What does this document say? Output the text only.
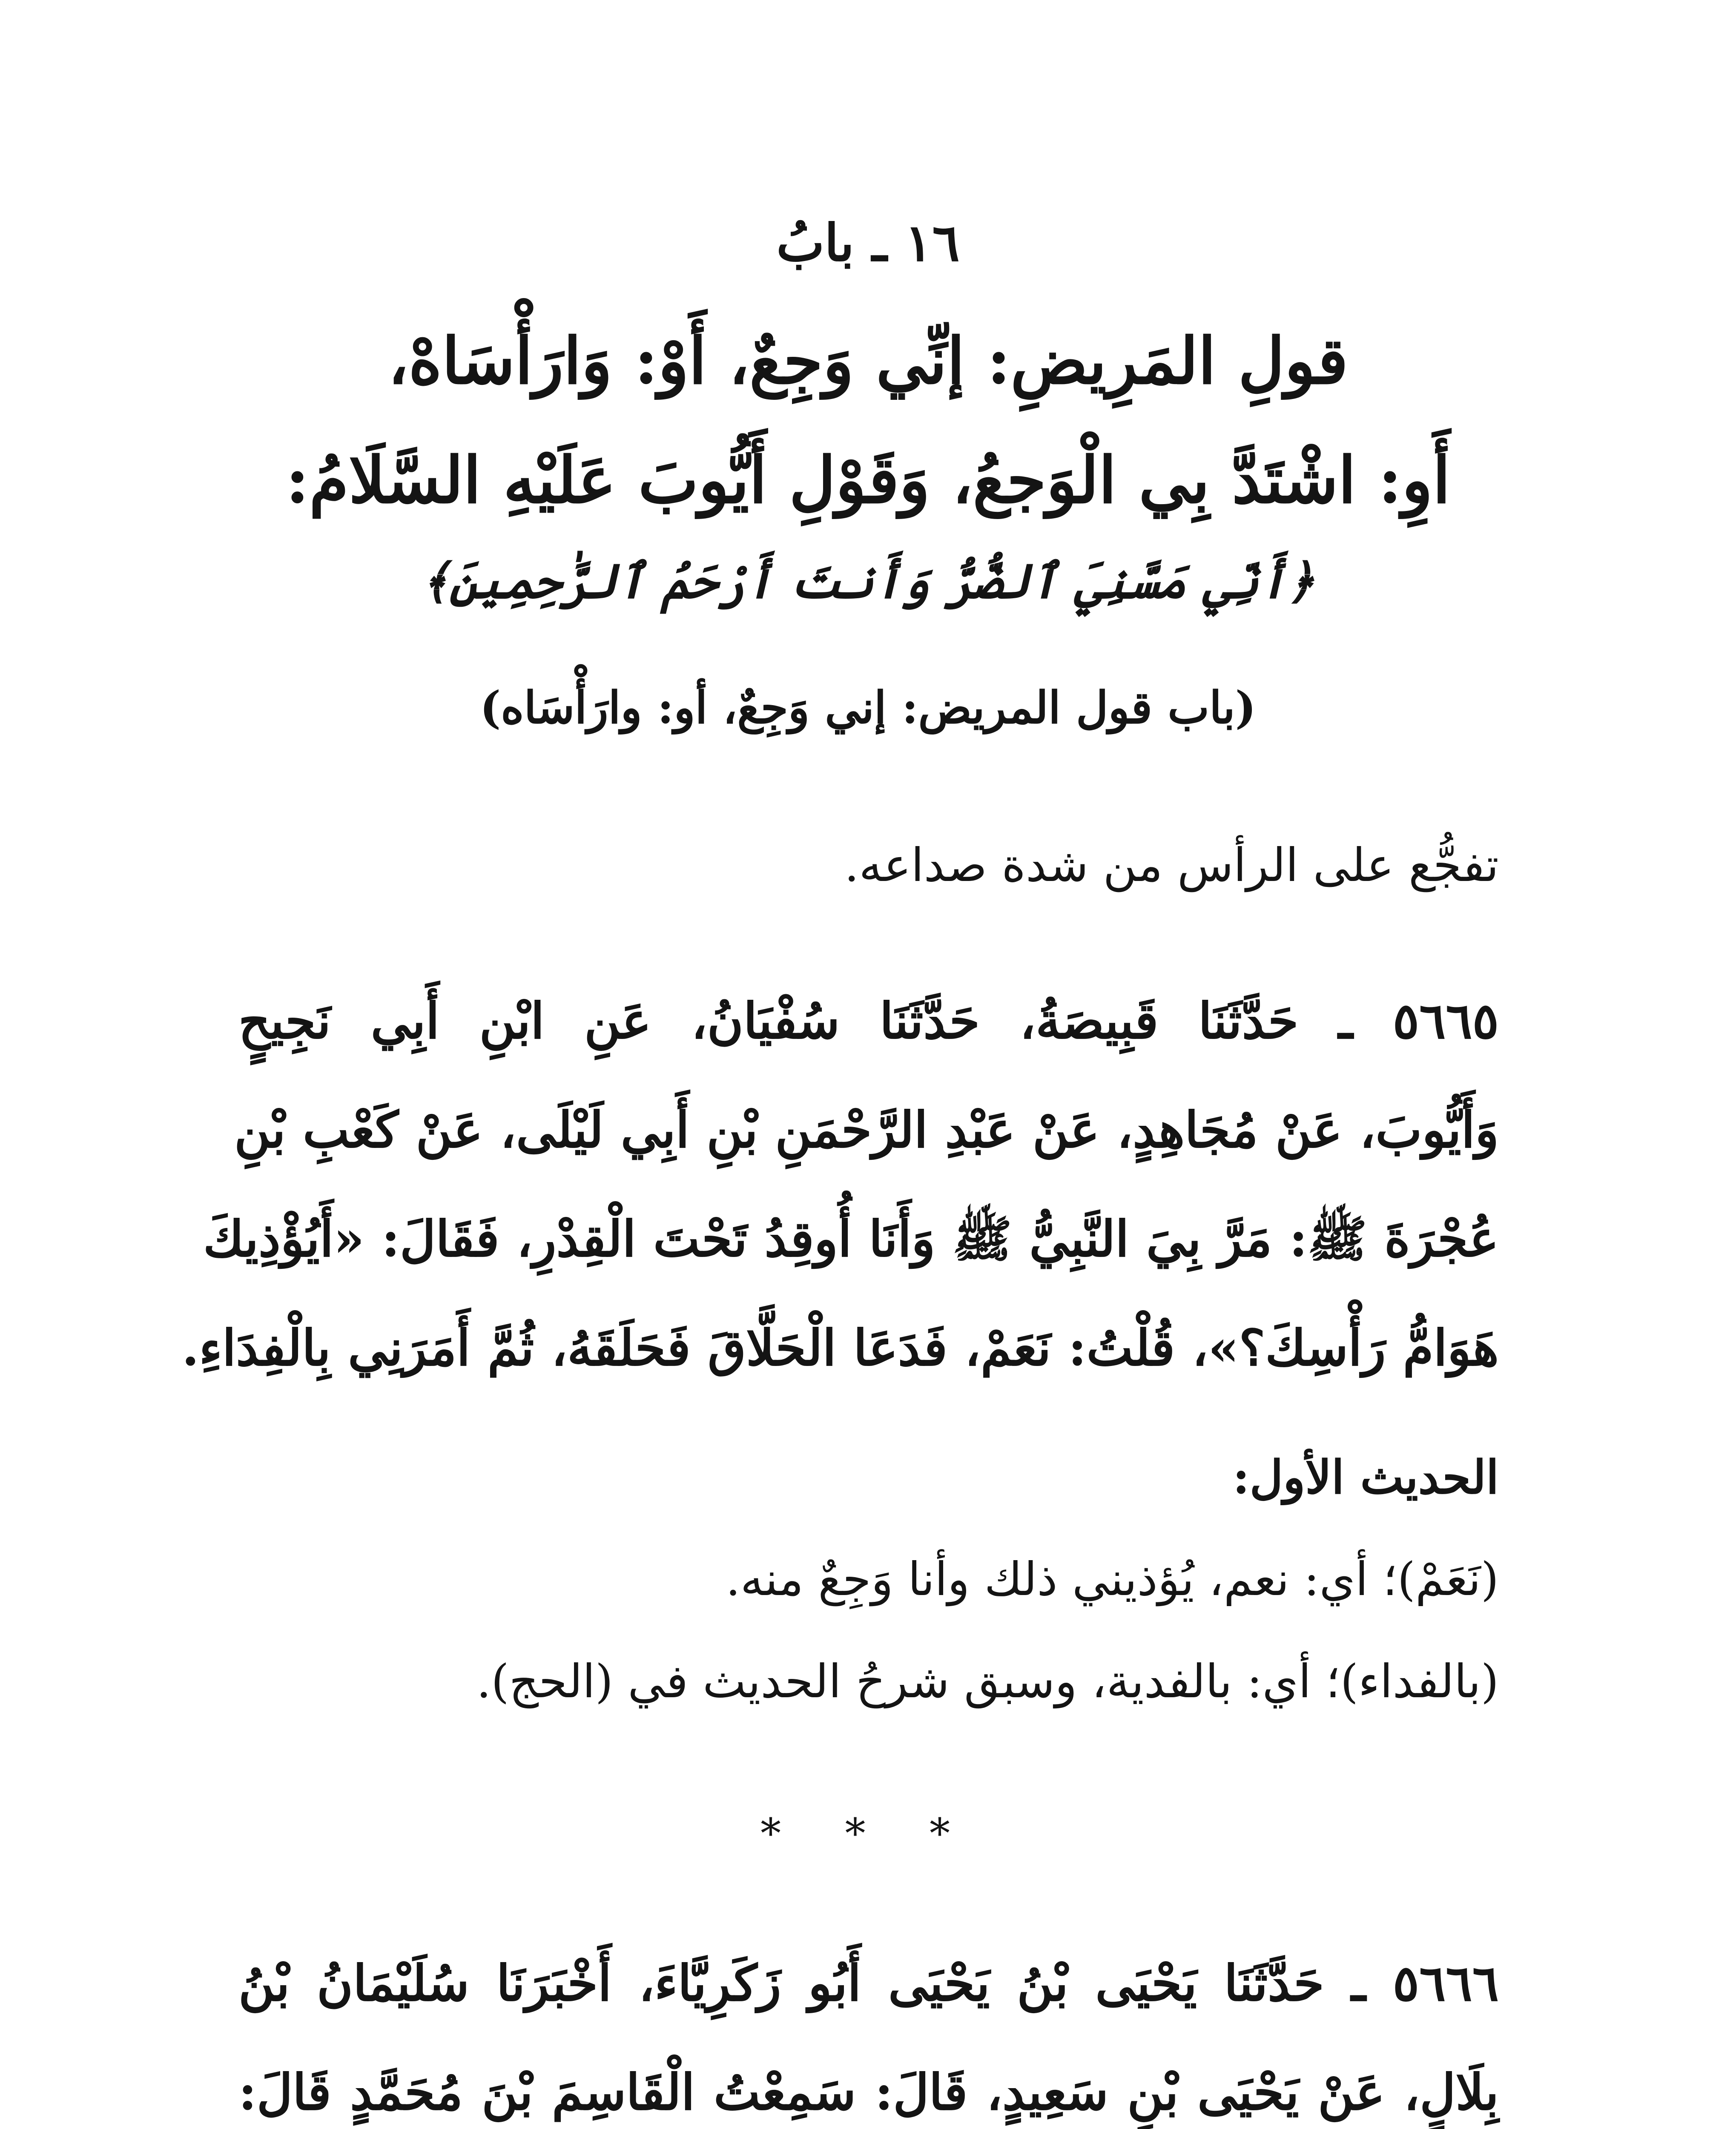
١٦ ـ بابُ
قولِ المَرِيضِ: إنِّي وَجِعٌ، أَوْ: وَارَأْسَاهْ،
أَوِ: اشْتَدَّ بِي الْوَجعُ، وَقَوْلِ أَيُّوبَ عَلَيْهِ السَّلَامُ:
﴿أَنِّي مَسَّنِيَ ٱلضُّرُّ وَأَنتَ أَرْحَمُ ٱلرَّٰحِمِينَ﴾
(باب قول المريض: إني وَجِعٌ، أو: وارَأْسَاه)
تفجُّع على الرأس من شدة صداعه.
٥٦٦٥ ـ حَدَّثَنَا قَبِيصَةُ، حَدَّثَنَا سُفْيَانُ، عَنِ ابْنِ أَبِي نَجِيحٍ
وَأَيُّوبَ، عَنْ مُجَاهِدٍ، عَنْ عَبْدِ الرَّحْمَنِ بْنِ أَبِي لَيْلَى، عَنْ كَعْبِ بْنِ
عُجْرَةَ ﷺ: مَرَّ بِيَ النَّبِيُّ ﷺ وَأَنَا أُوقِدُ تَحْتَ الْقِدْرِ، فَقَالَ: «أَيُؤْذِيكَ
هَوَامُّ رَأْسِكَ؟»، قُلْتُ: نَعَمْ، فَدَعَا الْحَلَّاقَ فَحَلَقَهُ، ثُمَّ أَمَرَنِي بِالْفِدَاءِ.
الحديث الأول:
(نَعَمْ)؛ أي: نعم، يُؤذيني ذلك وأنا وَجِعٌ منه.
(بالفداء)؛ أي: بالفدية، وسبق شرحُ الحديث في (الحج).
* * *
٥٦٦٦ ـ حَدَّثَنَا يَحْيَى بْنُ يَحْيَى أَبُو زَكَرِيَّاءَ، أَخْبَرَنَا سُلَيْمَانُ بْنُ
بِلَالٍ، عَنْ يَحْيَى بْنِ سَعِيدٍ، قَالَ: سَمِعْتُ الْقَاسِمَ بْنَ مُحَمَّدٍ قَالَ:
